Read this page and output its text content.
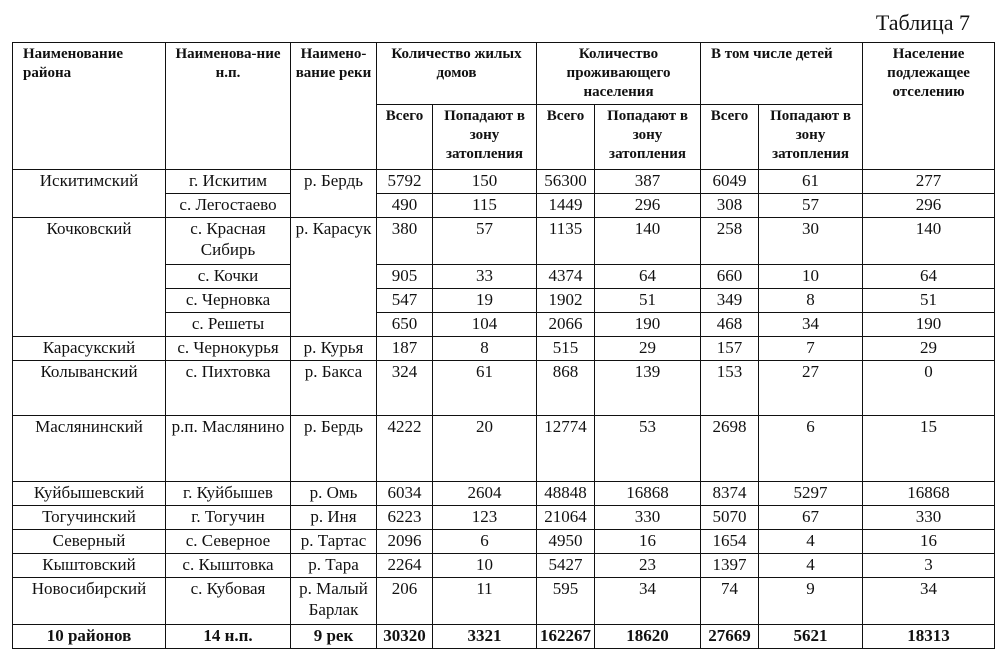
Таблица 7
Наименование района	Наименова-ние н.п.	Наимено-вание реки	Количество жилых домов		Количество проживающего населения		В том числе детей		Население подлежащее отселению
			Всего	Попадают в зону затопления	Всего	Попадают в зону затопления	Всего	Попадают в зону затопления	
Искитимский	г. Искитим	р. Бердь	5792	150	56300	387	6049	61	277
	с. Легостаево		490	115	1449	296	308	57	296
Кочковский	с. Красная Сибирь	р. Карасук	380	57	1135	140	258	30	140
	с. Кочки		905	33	4374	64	660	10	64
	с. Черновка		547	19	1902	51	349	8	51
	с. Решеты		650	104	2066	190	468	34	190
Карасукский	с. Чернокурья	р. Курья	187	8	515	29	157	7	29
Колыванский	с. Пихтовка	р. Бакса	324	61	868	139	153	27	0
Маслянинский	р.п. Маслянино	р. Бердь	4222	20	12774	53	2698	6	15
Куйбышевский	г. Куйбышев	р. Омь	6034	2604	48848	16868	8374	5297	16868
Тогучинский	г. Тогучин	р. Иня	6223	123	21064	330	5070	67	330
Северный	с. Северное	р. Тартас	2096	6	4950	16	1654	4	16
Кыштовский	с. Кыштовка	р. Тара	2264	10	5427	23	1397	4	3
Новосибирский	с. Кубовая	р. Малый Барлак	206	11	595	34	74	9	34
10 районов	14 н.п.	9 рек	30320	3321	162267	18620	27669	5621	18313
